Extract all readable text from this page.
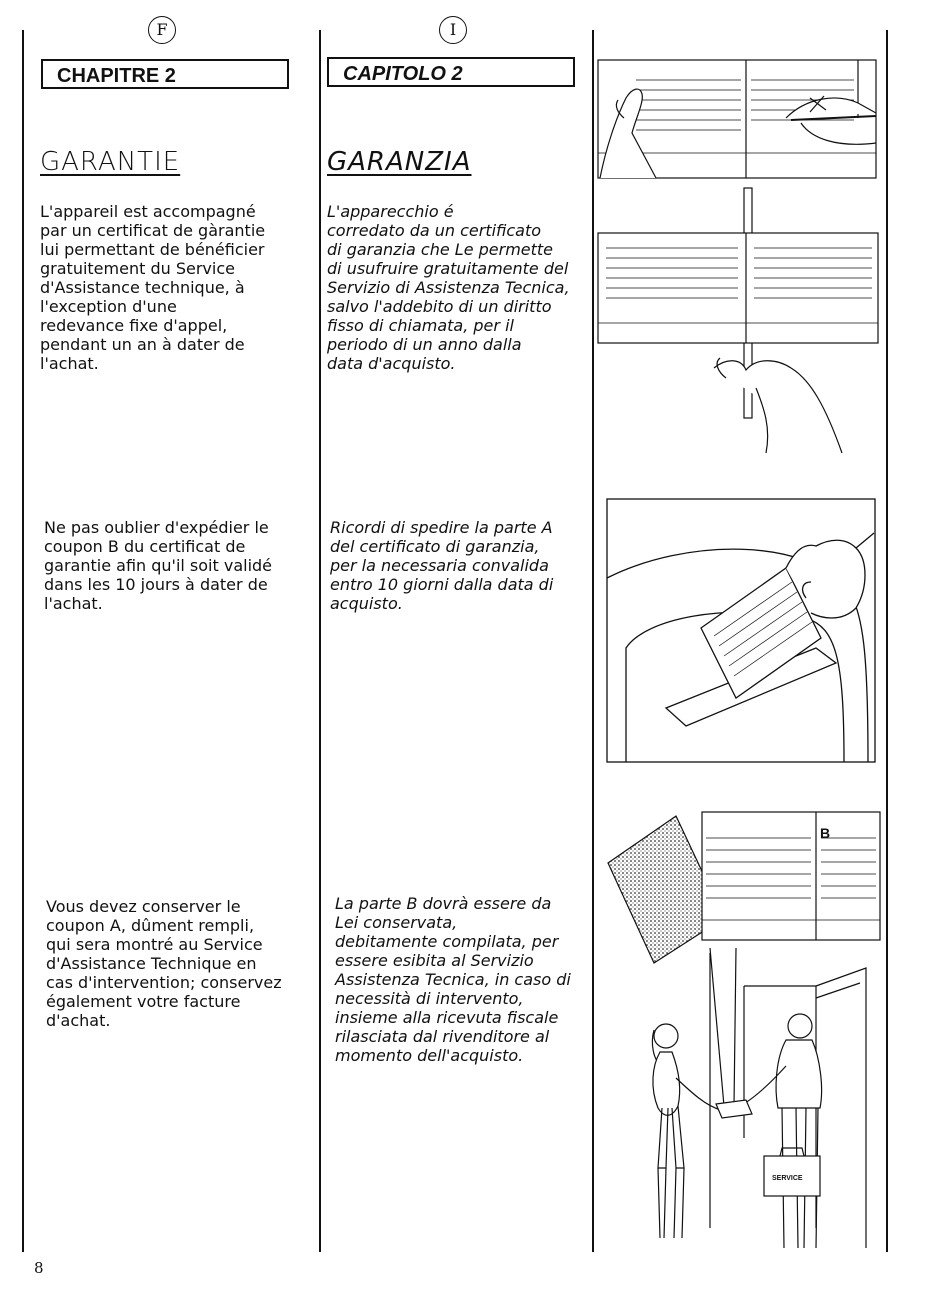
F	I
CHAPITRE 2	CAPITOLO 2
GARANTIE	GARANZIA
L'appareil est accompagné
par un certificat de gàrantie
lui permettant de bénéficier
gratuitement du Service
d'Assistance technique, à
l'exception d'une
redevance fixe d'appel,
pendant un an à dater de
l'achat.
Ne pas oublier d'expédier le
coupon B du certificat de
garantie afin qu'il soit validé
dans les 10 jours à dater de
l'achat.
Vous devez conserver le
coupon A, dûment rempli,
qui sera montré au Service
d'Assistance Technique en
cas d'intervention; conservez
également votre facture
d'achat.
L'apparecchio é
corredato da un certificato
di garanzia che Le permette
di usufruire gratuitamente del
Servizio di Assistenza Tecnica,
salvo l'addebito di un diritto
fisso di chiamata, per il
periodo di un anno dalla
data d'acquisto.
Ricordi di spedire la parte A
del certificato di garanzia,
per la necessaria convalida
entro 10 giorni dalla data di
acquisto.
La parte B dovrà essere da
Lei conservata,
debitamente compilata, per
essere esibita al Servizio
Assistenza Tecnica, in caso di
necessità di intervento,
insieme alla ricevuta fiscale
rilasciata dal rivenditore al
momento dell'acquisto.
8
B
SERVICE
